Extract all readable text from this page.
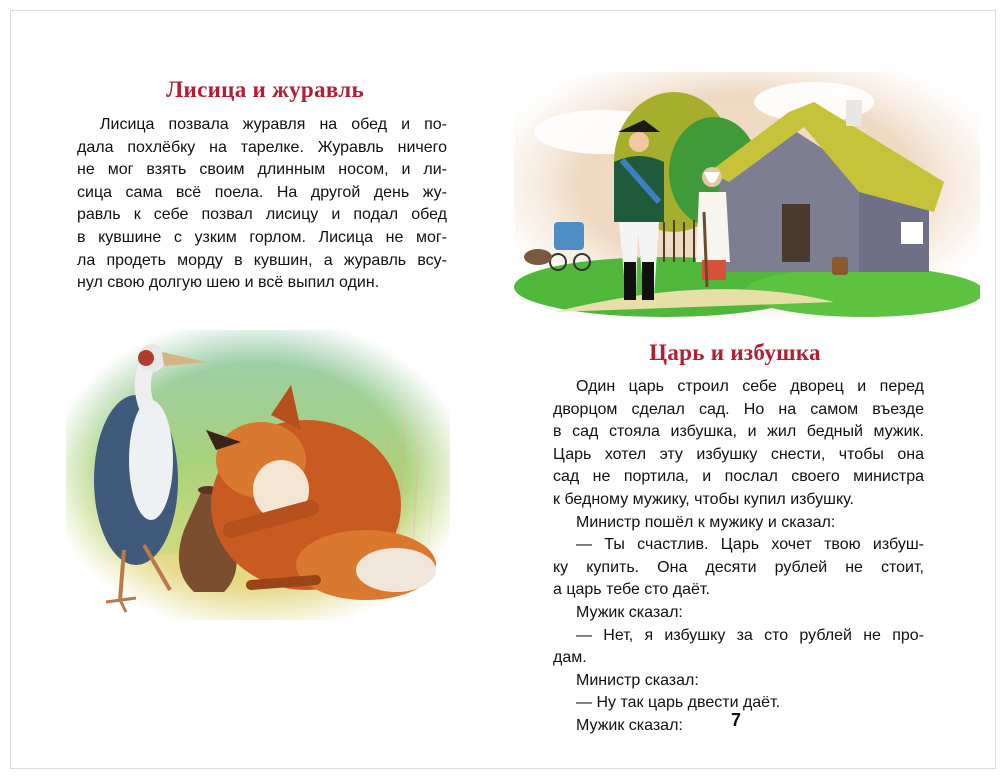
Лисица и журавль
Лисица позвала журавля на обед и по-
дала похлёбку на тарелке. Журавль ничего
не мог взять своим длинным носом, и ли-
сица сама всё поела. На другой день жу-
равль к себе позвал лисицу и подал обед
в кувшине с узким горлом. Лисица не мог-
ла продеть морду в кувшин, а журавль всу-
нул свою долгую шею и всё выпил один.
Царь и избушка
Один царь строил себе дворец и перед
дворцом сделал сад. Но на самом въезде
в сад стояла избушка, и жил бедный мужик.
Царь хотел эту избушку снести, чтобы она
сад не портила, и послал своего министра
к бедному мужику, чтобы купил избушку.
Министр пошёл к мужику и сказал:
— Ты счастлив. Царь хочет твою избуш-
ку купить. Она десяти рублей не стоит,
а царь тебе сто даёт.
Мужик сказал:
— Нет, я избушку за сто рублей не про-
дам.
Министр сказал:
— Ну так царь двести даёт.
Мужик сказал:	7
